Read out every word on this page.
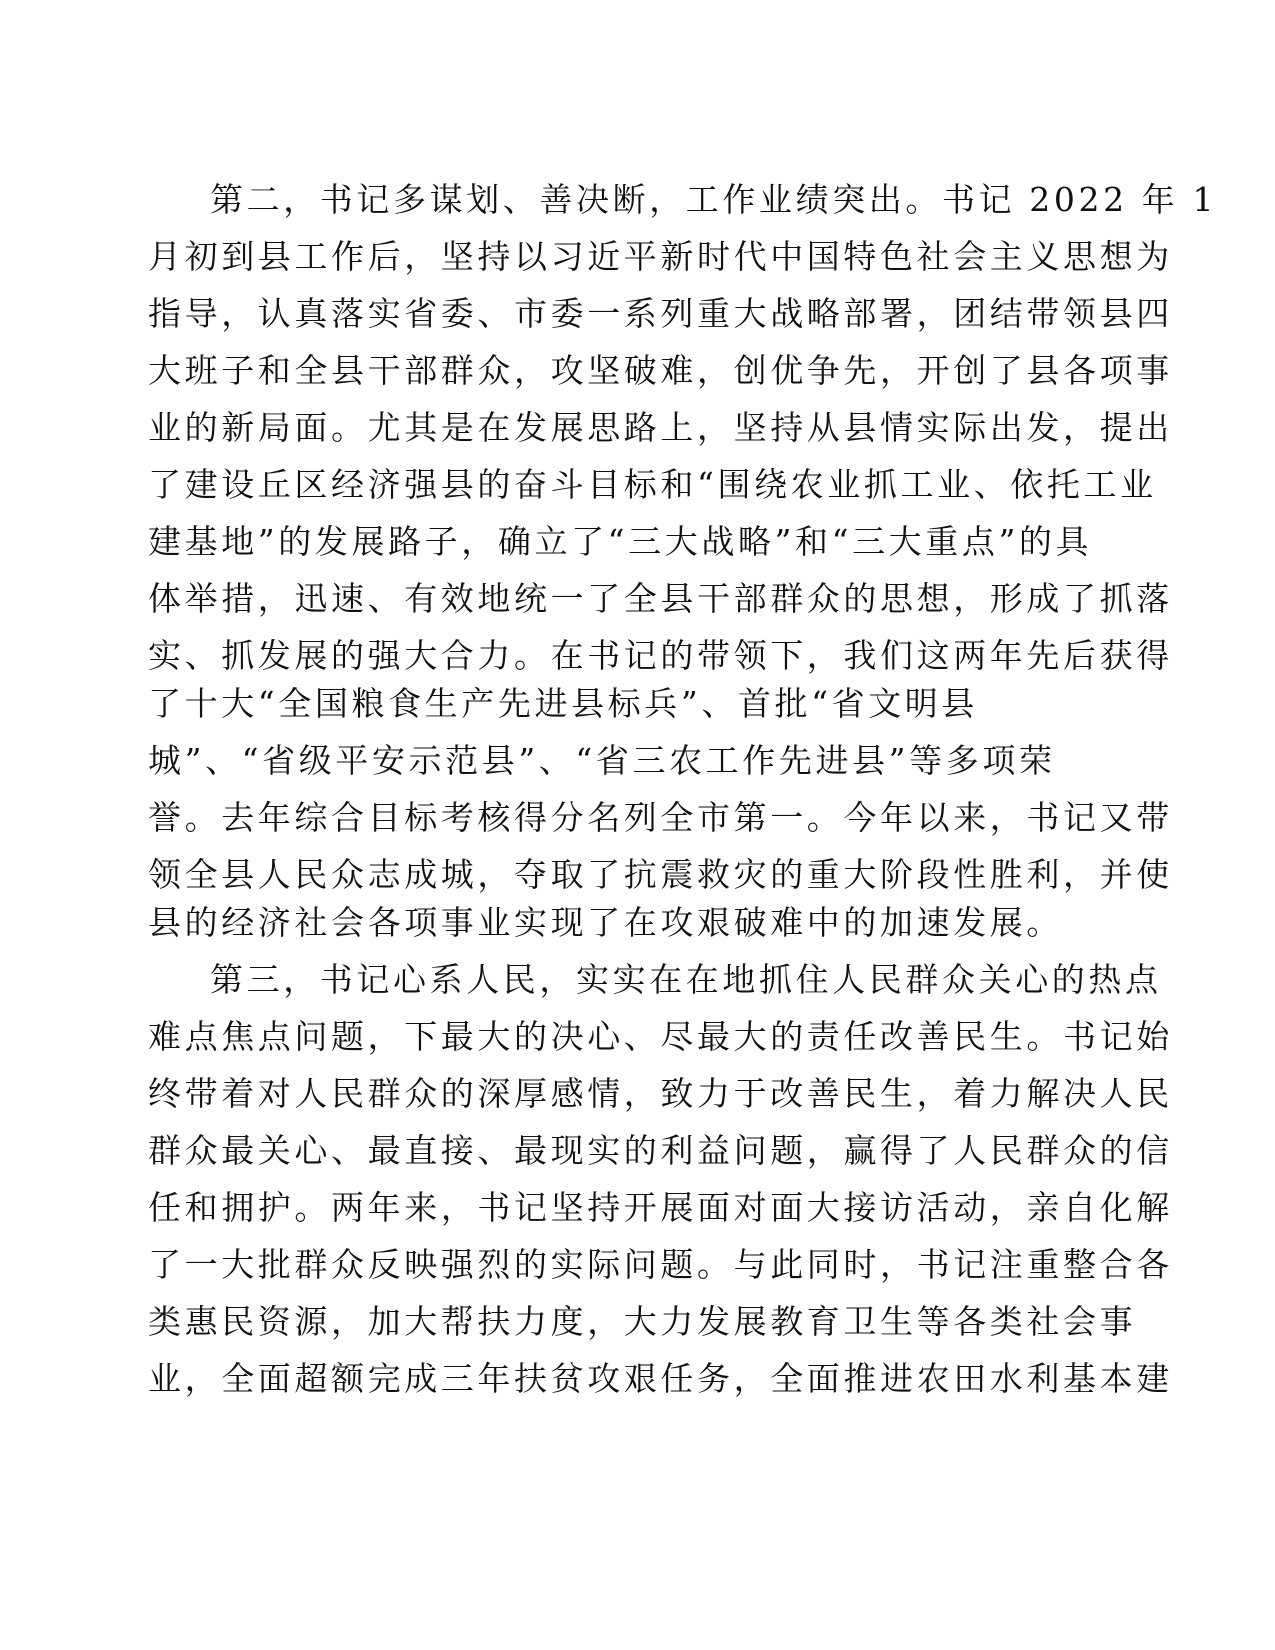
第二，书记多谋划、善决断，工作业绩突出。书记 2022 年 1
月初到县工作后，坚持以习近平新时代中国特色社会主义思想为
指导，认真落实省委、市委一系列重大战略部署，团结带领县四
大班子和全县干部群众，攻坚破难，创优争先，开创了县各项事
业的新局面。尤其是在发展思路上，坚持从县情实际出发，提出
了建设丘区经济强县的奋斗目标和“围绕农业抓工业、依托工业
建基地”的发展路子，确立了“三大战略”和“三大重点”的具
体举措，迅速、有效地统一了全县干部群众的思想，形成了抓落
实、抓发展的强大合力。在书记的带领下，我们这两年先后获得
了十大“全国粮食生产先进县标兵”、首批“省文明县
城”、“省级平安示范县”、“省三农工作先进县”等多项荣
誉。去年综合目标考核得分名列全市第一。今年以来，书记又带
领全县人民众志成城，夺取了抗震救灾的重大阶段性胜利，并使
县的经济社会各项事业实现了在攻艰破难中的加速发展。
第三，书记心系人民，实实在在地抓住人民群众关心的热点
难点焦点问题，下最大的决心、尽最大的责任改善民生。书记始
终带着对人民群众的深厚感情，致力于改善民生，着力解决人民
群众最关心、最直接、最现实的利益问题，赢得了人民群众的信
任和拥护。两年来，书记坚持开展面对面大接访活动，亲自化解
了一大批群众反映强烈的实际问题。与此同时，书记注重整合各
类惠民资源，加大帮扶力度，大力发展教育卫生等各类社会事
业，全面超额完成三年扶贫攻艰任务，全面推进农田水利基本建
